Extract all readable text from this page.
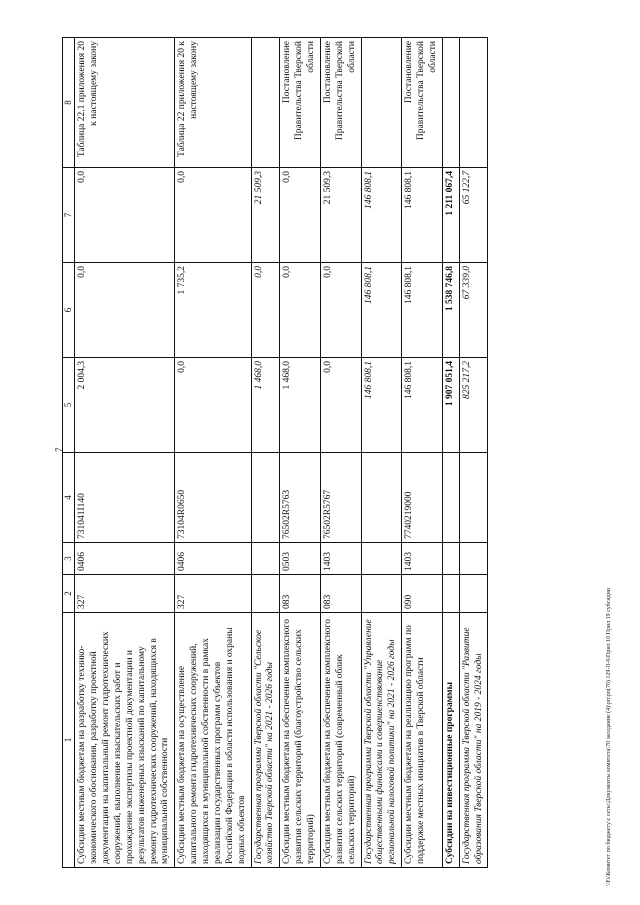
7
1	2	3	4	5	6	7	8
Субсидии местным бюджетам на разработку технико-экономического обоснования, разработку проектной документации на капитальный ремонт гидротехнических сооружений, выполнение изыскательских работ и прохождение экспертизы проектной документации и результатов инженерных изысканий по капитальному ремонту гидротехнических сооружений, находящихся в муниципальной собственности	327	0406	731041I140	2 004,3	0,0	0,0	Таблица 22.1 приложения 20 к настоящему закону
Субсидии местным бюджетам на осуществление капитального ремонта гидротехнических сооружений, находящихся в муниципальной собственности в рамках реализации государственных программ субъектов Российской Федерации в области использования и охраны водных объектов	327	0406	73104R0650	0,0	1 735,2	0,0	Таблица 22 приложения 20 к настоящему закону
Государственная программа Тверской области "Сельское хозяйство Тверской области" на 2021 - 2026 годы				1 468,0	0,0	21 509,3	
Субсидии местным бюджетам на обеспечение комплексного развития сельских территорий (благоустройство сельских территорий)	083	0503	76502R5763	1 468,0	0,0	0,0	Постановление Правительства Тверской области
Субсидии местным бюджетам на обеспечение комплексного развития сельских территорий (современный облик сельских территорий)	083	1403	76502R5767	0,0	0,0	21 509,3	Постановление Правительства Тверской области
Государственная программа Тверской области "Управление общественными финансами и совершенствование региональной налоговой политики" на 2021 - 2026 годы				146 808,1	146 808,1	146 808,1	
Субсидии местным бюджетам на реализацию программ по поддержке местных инициатив в Тверской области	090	1403	7740219000	146 808,1	146 808,1	146 808,1	Постановление Правительства Тверской области
Субсидии на инвестиционные программы				1 907 051,4	1 538 746,8	1 211 067,4	
Государственная программа Тверской области "Развитие образования Тверской области" на 2019 - 2024 годы				825 217,2	67 339,0	65 122,7	
\\Fs\Комитет по бюджету\с сеты\Документы комитета\70 заседание (4)\рп\рп(70) 129-II-6\Прил 10 Прил 19 субсидии
